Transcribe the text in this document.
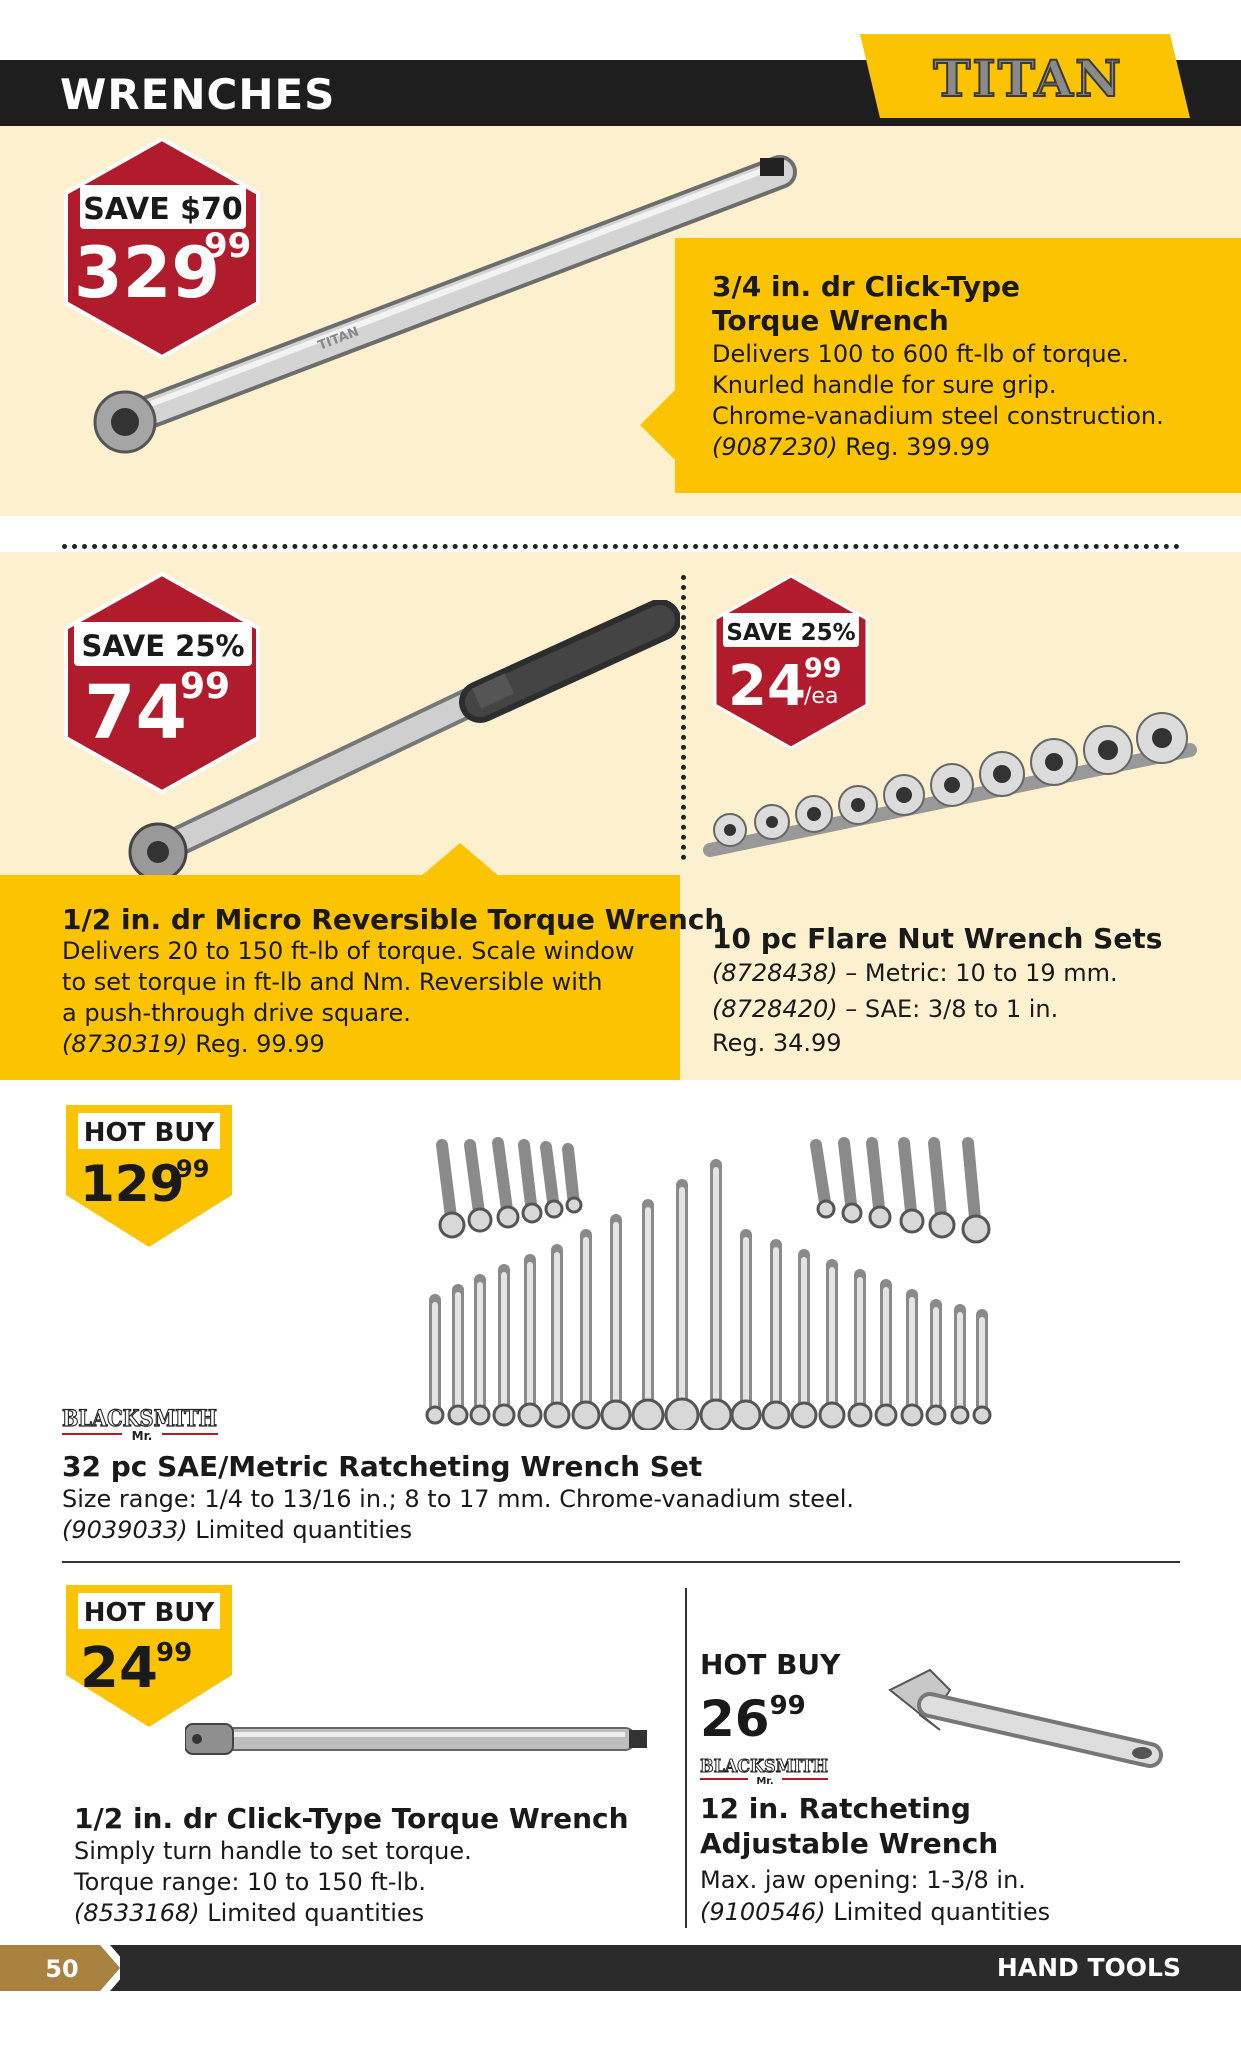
WRENCHES	TITAN
SAVE $70
329
99
TITAN
3/4 in. dr Click-Type
Torque Wrench
Delivers 100 to 600 ft-lb of torque.
Knurled handle for sure grip.
Chrome-vanadium steel construction.
(9087230) Reg. 399.99
SAVE 25%
74
99
1/2 in. dr Micro Reversible Torque Wrench
Delivers 20 to 150 ft-lb of torque. Scale window
to set torque in ft-lb and Nm. Reversible with
a push-through drive square.
(8730319) Reg. 99.99
SAVE 25%
24
99
/ea
10 pc Flare Nut Wrench Sets
(8728438) – Metric: 10 to 19 mm.
(8728420) – SAE: 3/8 to 1 in.
Reg. 34.99
HOT BUY
129
99
BLACKSMITH
Mr.
32 pc SAE/Metric Ratcheting Wrench Set
Size range: 1/4 to 13/16 in.; 8 to 17 mm. Chrome-vanadium steel.
(9039033) Limited quantities
HOT BUY
24
99
1/2 in. dr Click-Type Torque Wrench
Simply turn handle to set torque.
Torque range: 10 to 150 ft-lb.
(8533168) Limited quantities
HOT BUY
$26^{99}$
BLACKSMITH
Mr.
12 in. Ratcheting
Adjustable Wrench
Max. jaw opening: 1-3/8 in.
(9100546) Limited quantities
50	HAND TOOLS
